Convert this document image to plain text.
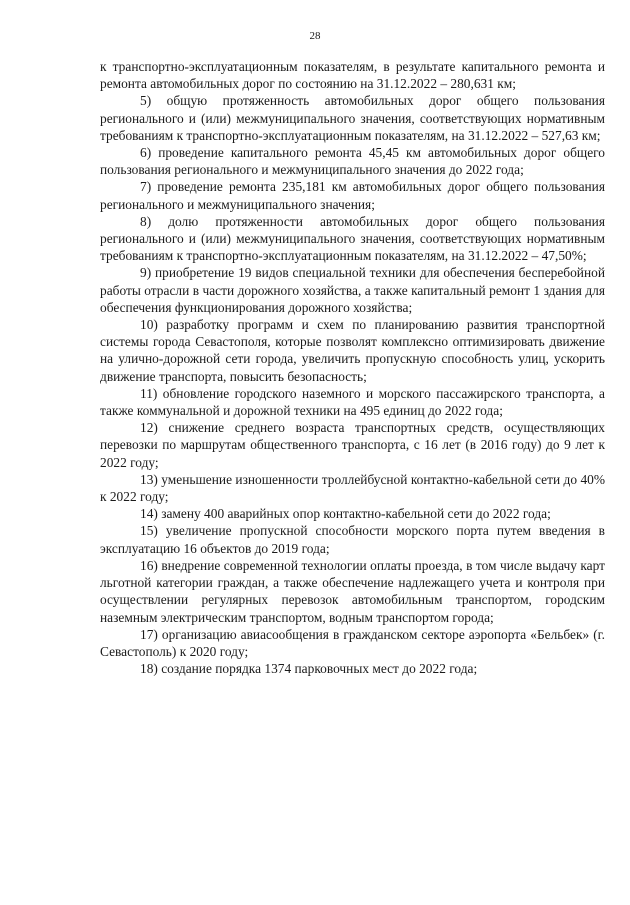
28

к транспортно-эксплуатационным показателям, в результате капитального ремонта и ремонта автомобильных дорог по состоянию на 31.12.2022 – 280,631 км;

5) общую протяженность автомобильных дорог общего пользования регионального и (или) межмуниципального значения, соответствующих нормативным требованиям к транспортно-эксплуатационным показателям, на 31.12.2022 – 527,63 км;

6) проведение капитального ремонта 45,45 км автомобильных дорог общего пользования регионального и межмуниципального значения до 2022 года;

7) проведение ремонта 235,181 км автомобильных дорог общего пользования регионального и межмуниципального значения;

8) долю протяженности автомобильных дорог общего пользования регионального и (или) межмуниципального значения, соответствующих нормативным требованиям к транспортно-эксплуатационным показателям, на 31.12.2022 – 47,50%;

9) приобретение 19 видов специальной техники для обеспечения бесперебойной работы отрасли в части дорожного хозяйства, а также капитальный ремонт 1 здания для обеспечения функционирования дорожного хозяйства;

10) разработку программ и схем по планированию развития транспортной системы города Севастополя, которые позволят комплексно оптимизировать движение на улично-дорожной сети города, увеличить пропускную способность улиц, ускорить движение транспорта, повысить безопасность;

11) обновление городского наземного и морского пассажирского транспорта, а также коммунальной и дорожной техники на 495 единиц до 2022 года;

12) снижение среднего возраста транспортных средств, осуществляющих перевозки по маршрутам общественного транспорта, с 16 лет (в 2016 году) до 9 лет к 2022 году;

13) уменьшение изношенности троллейбусной контактно-кабельной сети до 40% к 2022 году;

14) замену 400 аварийных опор контактно-кабельной сети до 2022 года;

15) увеличение пропускной способности морского порта путем введения в эксплуатацию 16 объектов до 2019 года;

16) внедрение современной технологии оплаты проезда, в том числе выдачу карт льготной категории граждан, а также обеспечение надлежащего учета и контроля при осуществлении регулярных перевозок автомобильным транспортом, городским наземным электрическим транспортом, водным транспортом города;

17) организацию авиасообщения в гражданском секторе аэропорта «Бельбек» (г. Севастополь) к 2020 году;

18) создание порядка 1374 парковочных мест до 2022 года;
